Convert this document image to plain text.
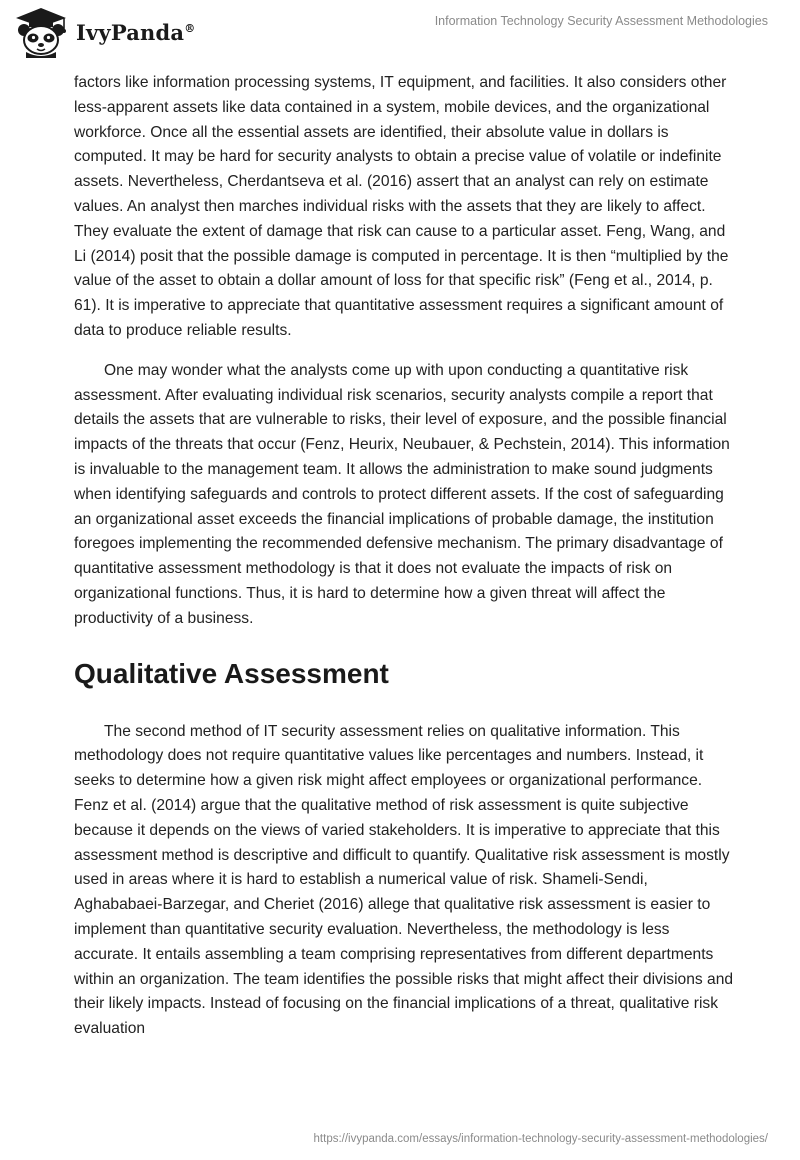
IvyPanda®	Information Technology Security Assessment Methodologies

factors like information processing systems, IT equipment, and facilities. It also considers other less-apparent assets like data contained in a system, mobile devices, and the organizational workforce. Once all the essential assets are identified, their absolute value in dollars is computed. It may be hard for security analysts to obtain a precise value of volatile or indefinite assets. Nevertheless, Cherdantseva et al. (2016) assert that an analyst can rely on estimate values. An analyst then marches individual risks with the assets that they are likely to affect. They evaluate the extent of damage that risk can cause to a particular asset. Feng, Wang, and Li (2014) posit that the possible damage is computed in percentage. It is then “multiplied by the value of the asset to obtain a dollar amount of loss for that specific risk” (Feng et al., 2014, p. 61). It is imperative to appreciate that quantitative assessment requires a significant amount of data to produce reliable results.

One may wonder what the analysts come up with upon conducting a quantitative risk assessment. After evaluating individual risk scenarios, security analysts compile a report that details the assets that are vulnerable to risks, their level of exposure, and the possible financial impacts of the threats that occur (Fenz, Heurix, Neubauer, & Pechstein, 2014). This information is invaluable to the management team. It allows the administration to make sound judgments when identifying safeguards and controls to protect different assets. If the cost of safeguarding an organizational asset exceeds the financial implications of probable damage, the institution foregoes implementing the recommended defensive mechanism. The primary disadvantage of quantitative assessment methodology is that it does not evaluate the impacts of risk on organizational functions. Thus, it is hard to determine how a given threat will affect the productivity of a business.

Qualitative Assessment

The second method of IT security assessment relies on qualitative information. This methodology does not require quantitative values like percentages and numbers. Instead, it seeks to determine how a given risk might affect employees or organizational performance. Fenz et al. (2014) argue that the qualitative method of risk assessment is quite subjective because it depends on the views of varied stakeholders. It is imperative to appreciate that this assessment method is descriptive and difficult to quantify. Qualitative risk assessment is mostly used in areas where it is hard to establish a numerical value of risk. Shameli-Sendi, Aghababaei-Barzegar, and Cheriet (2016) allege that qualitative risk assessment is easier to implement than quantitative security evaluation. Nevertheless, the methodology is less accurate. It entails assembling a team comprising representatives from different departments within an organization. The team identifies the possible risks that might affect their divisions and their likely impacts. Instead of focusing on the financial implications of a threat, qualitative risk evaluation

https://ivypanda.com/essays/information-technology-security-assessment-methodologies/
